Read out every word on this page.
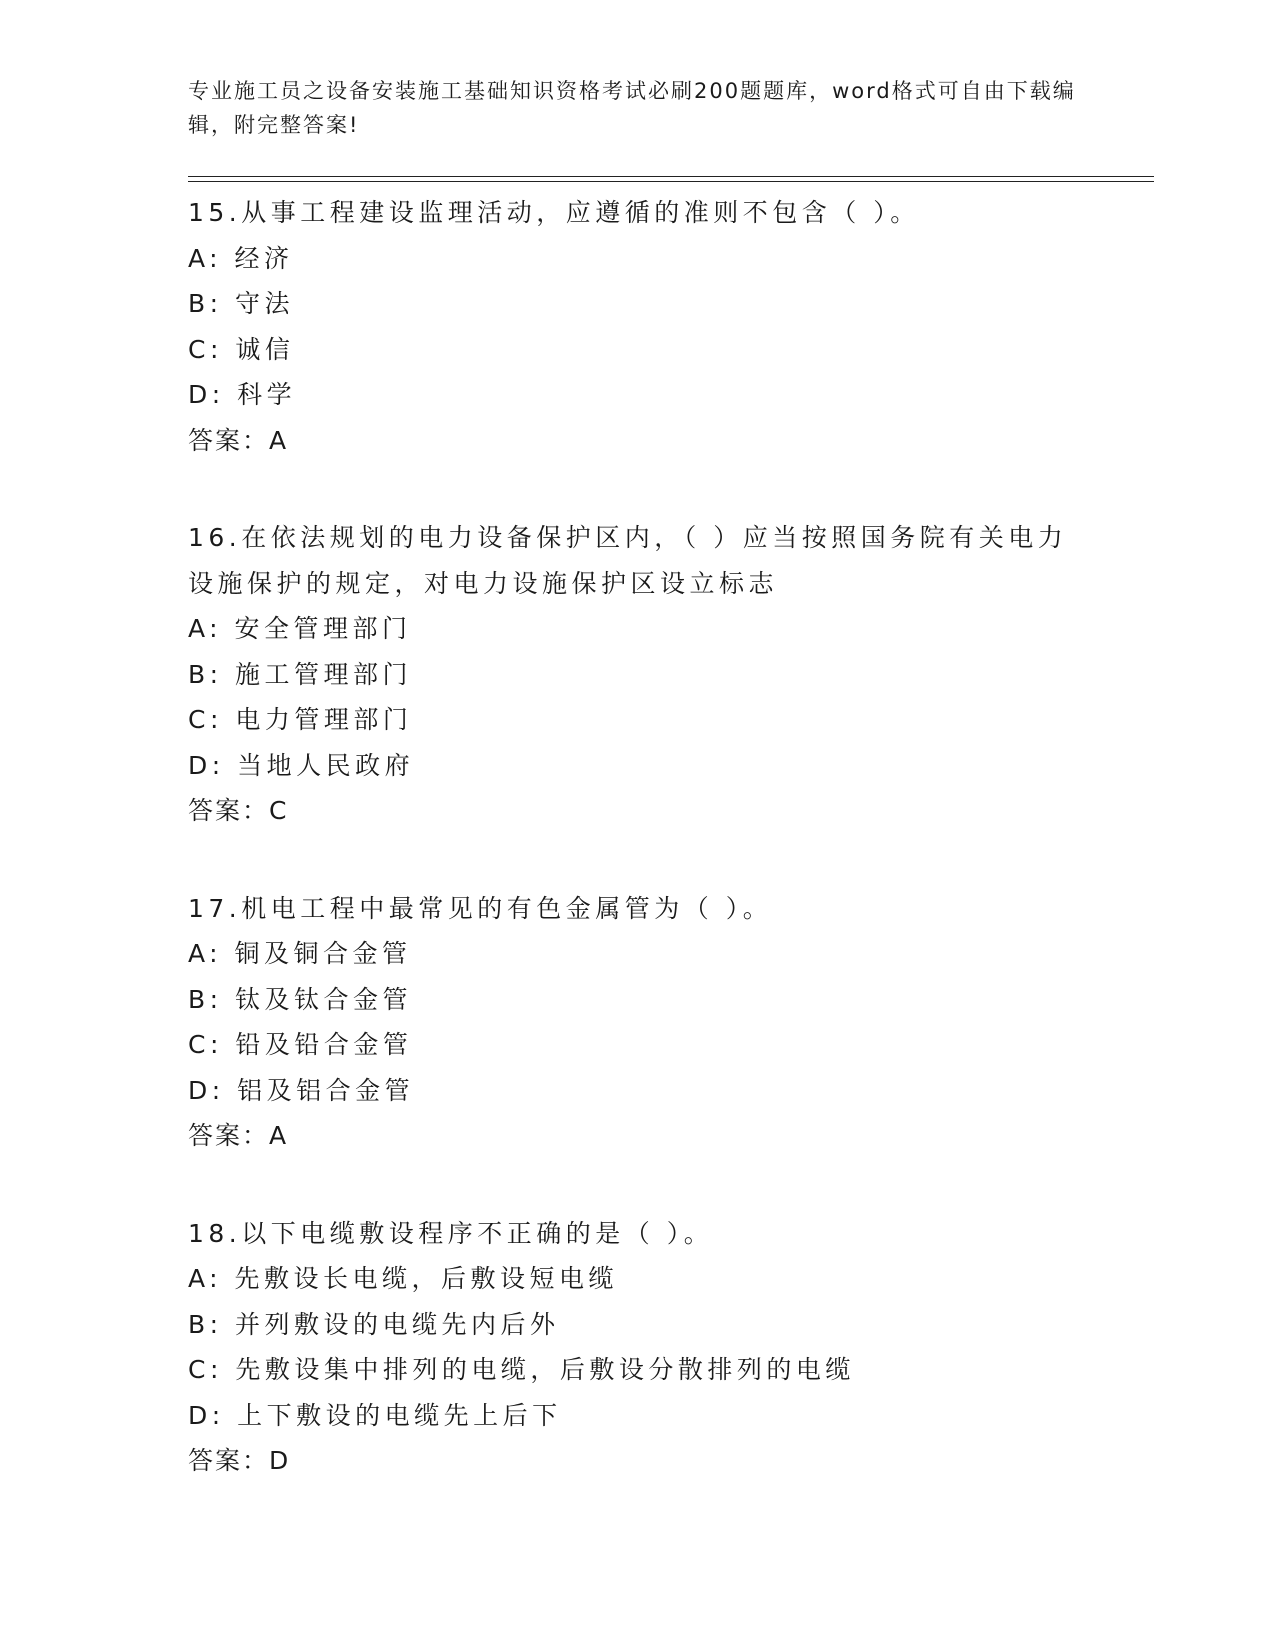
专业施工员之设备安装施工基础知识资格考试必刷200题题库，word格式可自由下载编辑，附完整答案!
15.从事工程建设监理活动，应遵循的准则不包含（ ）。
A: 经济
B: 守法
C: 诚信
D: 科学
答案：A
16.在依法规划的电力设备保护区内，（ ）应当按照国务院有关电力设施保护的规定，对电力设施保护区设立标志
A: 安全管理部门
B: 施工管理部门
C: 电力管理部门
D: 当地人民政府
答案：C
17.机电工程中最常见的有色金属管为（ ）。
A: 铜及铜合金管
B: 钛及钛合金管
C: 铅及铅合金管
D: 铝及铝合金管
答案：A
18.以下电缆敷设程序不正确的是（ ）。
A: 先敷设长电缆，后敷设短电缆
B: 并列敷设的电缆先内后外
C: 先敷设集中排列的电缆，后敷设分散排列的电缆
D: 上下敷设的电缆先上后下
答案：D
